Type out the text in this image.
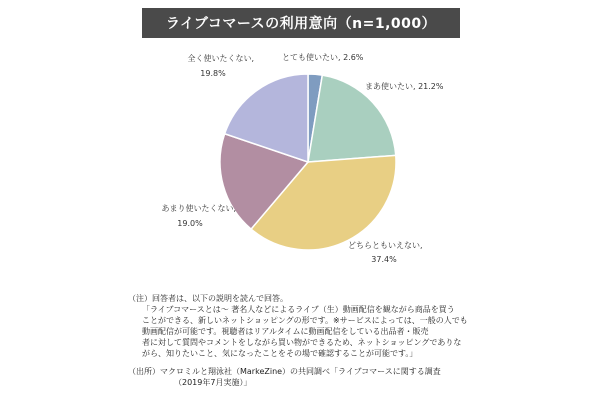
ライブコマースの利用意向（n=1,000）
とても使いたい, 2.6%
まあ使いたい, 21.2%
どちらともいえない,
37.4%
あまり使いたくない,
19.0%
全く使いたくない,
19.8%
（注）回答者は、以下の説明を読んで回答。
「ライブコマースとは～ 著名人などによるライブ（生）動画配信を観ながら商品を買う
ことができる、新しいネットショッピングの形です。※サービスによっては、一般の人でも
動画配信が可能です。視聴者はリアルタイムに動画配信をしている出品者・販売
者に対して質問やコメントをしながら買い物ができるため、ネットショッピングでありな
がら、知りたいこと、気になったことをその場で確認することが可能です。」
（出所）マクロミルと翔泳社（MarkeZine）の共同調べ「ライブコマースに関する調査
（2019年7月実施）」
